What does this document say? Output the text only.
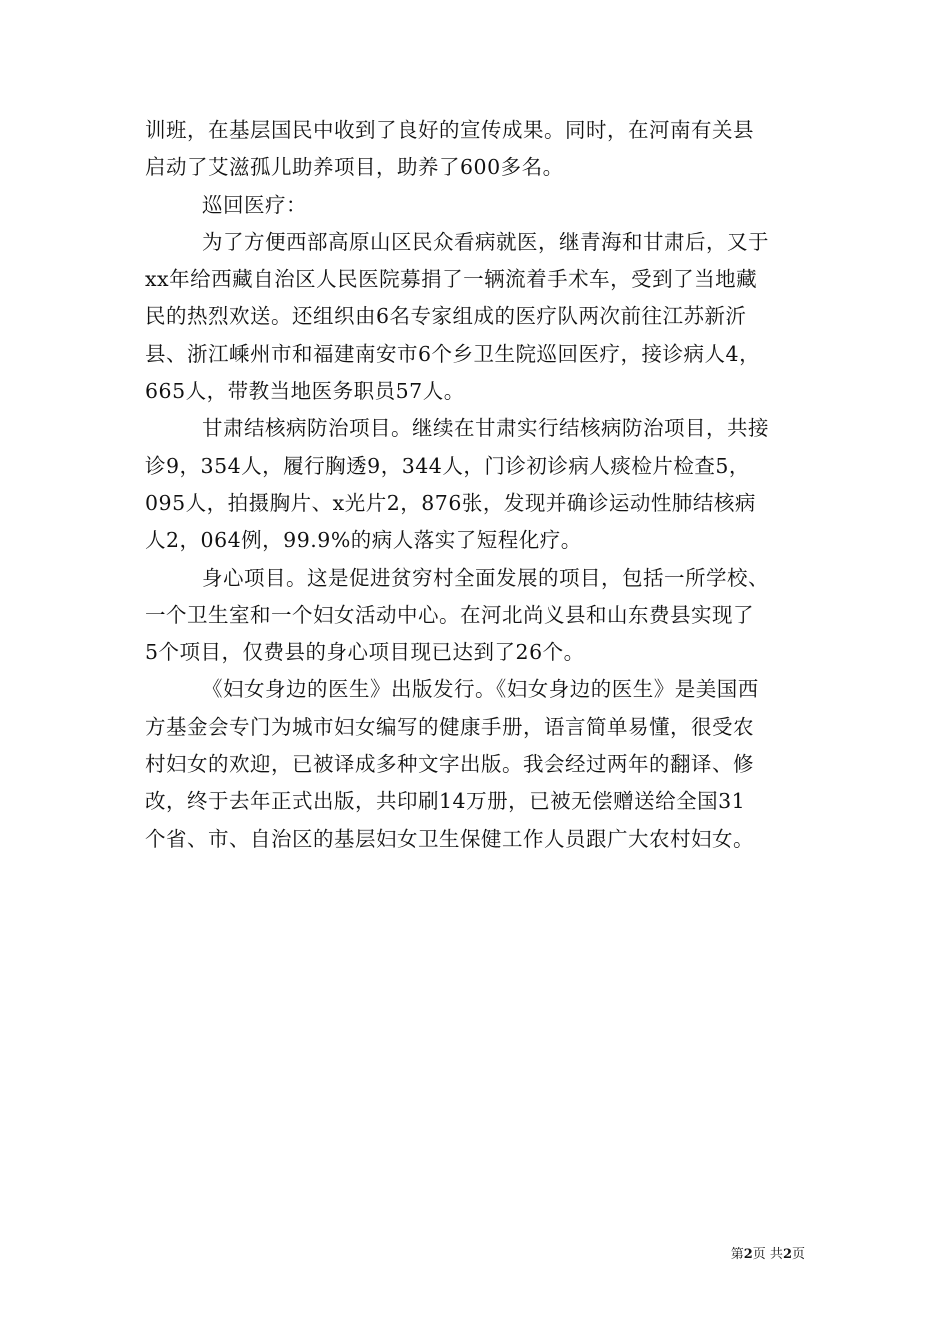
训班，在基层国民中收到了良好的宣传成果。同时，在河南有关县
启动了艾滋孤儿助养项目，助养了600多名。
巡回医疗：
为了方便西部高原山区民众看病就医，继青海和甘肃后，又于
xx年给西藏自治区人民医院募捐了一辆流着手术车，受到了当地藏
民的热烈欢送。还组织由6名专家组成的医疗队两次前往江苏新沂
县、浙江嵊州市和福建南安市6个乡卫生院巡回医疗，接诊病人4，
665人，带教当地医务职员57人。
甘肃结核病防治项目。继续在甘肃实行结核病防治项目，共接
诊9，354人，履行胸透9，344人，门诊初诊病人痰检片检查5，
095人，拍摄胸片、x光片2，876张，发现并确诊运动性肺结核病
人2，064例，99.9%的病人落实了短程化疗。
身心项目。这是促进贫穷村全面发展的项目，包括一所学校、
一个卫生室和一个妇女活动中心。在河北尚义县和山东费县实现了
5个项目，仅费县的身心项目现已达到了26个。
《妇女身边的医生》出版发行。《妇女身边的医生》是美国西
方基金会专门为城市妇女编写的健康手册，语言简单易懂，很受农
村妇女的欢迎，已被译成多种文字出版。我会经过两年的翻译、修
改，终于去年正式出版，共印刷14万册，已被无偿赠送给全国31
个省、市、自治区的基层妇女卫生保健工作人员跟广大农村妇女。
第2页 共2页
